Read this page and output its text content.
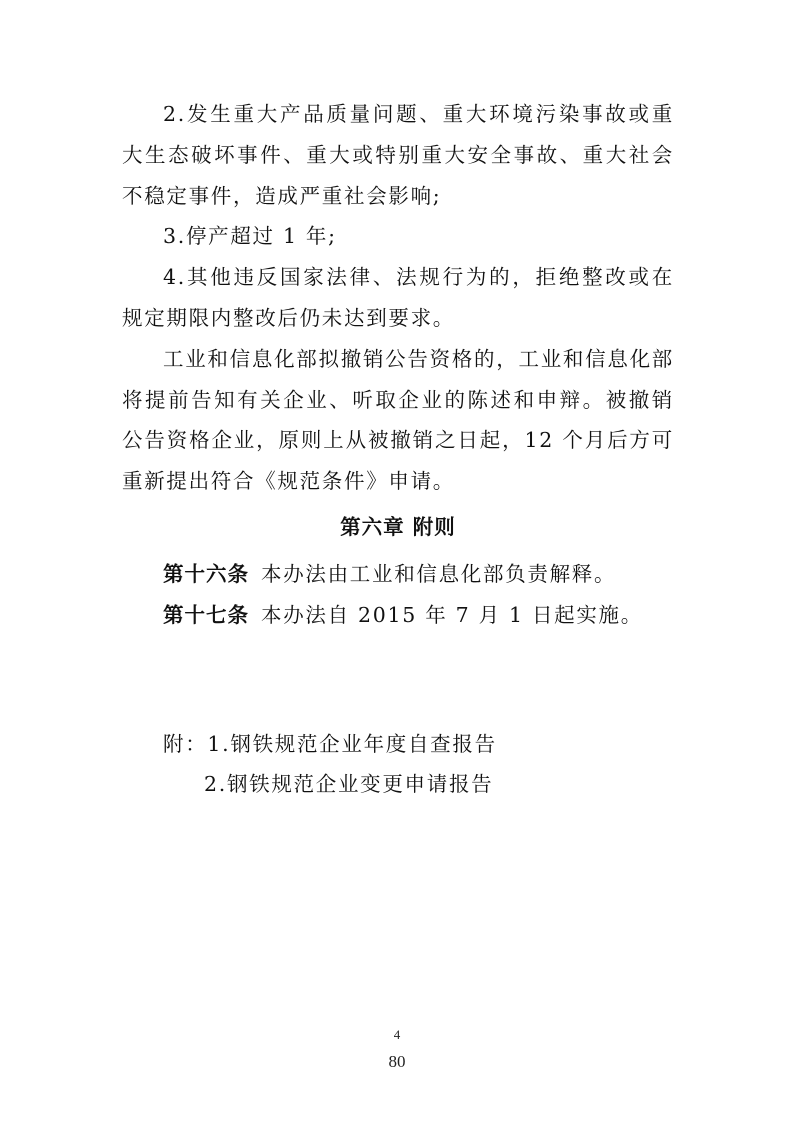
2.发生重大产品质量问题、重大环境污染事故或重大生态破坏事件、重大或特别重大安全事故、重大社会不稳定事件，造成严重社会影响;

3.停产超过 1 年;

4.其他违反国家法律、法规行为的，拒绝整改或在规定期限内整改后仍未达到要求。

工业和信息化部拟撤销公告资格的，工业和信息化部将提前告知有关企业、听取企业的陈述和申辩。被撤销公告资格企业，原则上从被撤销之日起，12 个月后方可重新提出符合《规范条件》申请。

第六章 附则
第十六条 本办法由工业和信息化部负责解释。
第十七条 本办法自 2015 年 7 月 1 日起实施。
附：1.钢铁规范企业年度自查报告
2.钢铁规范企业变更申请报告
4
80
